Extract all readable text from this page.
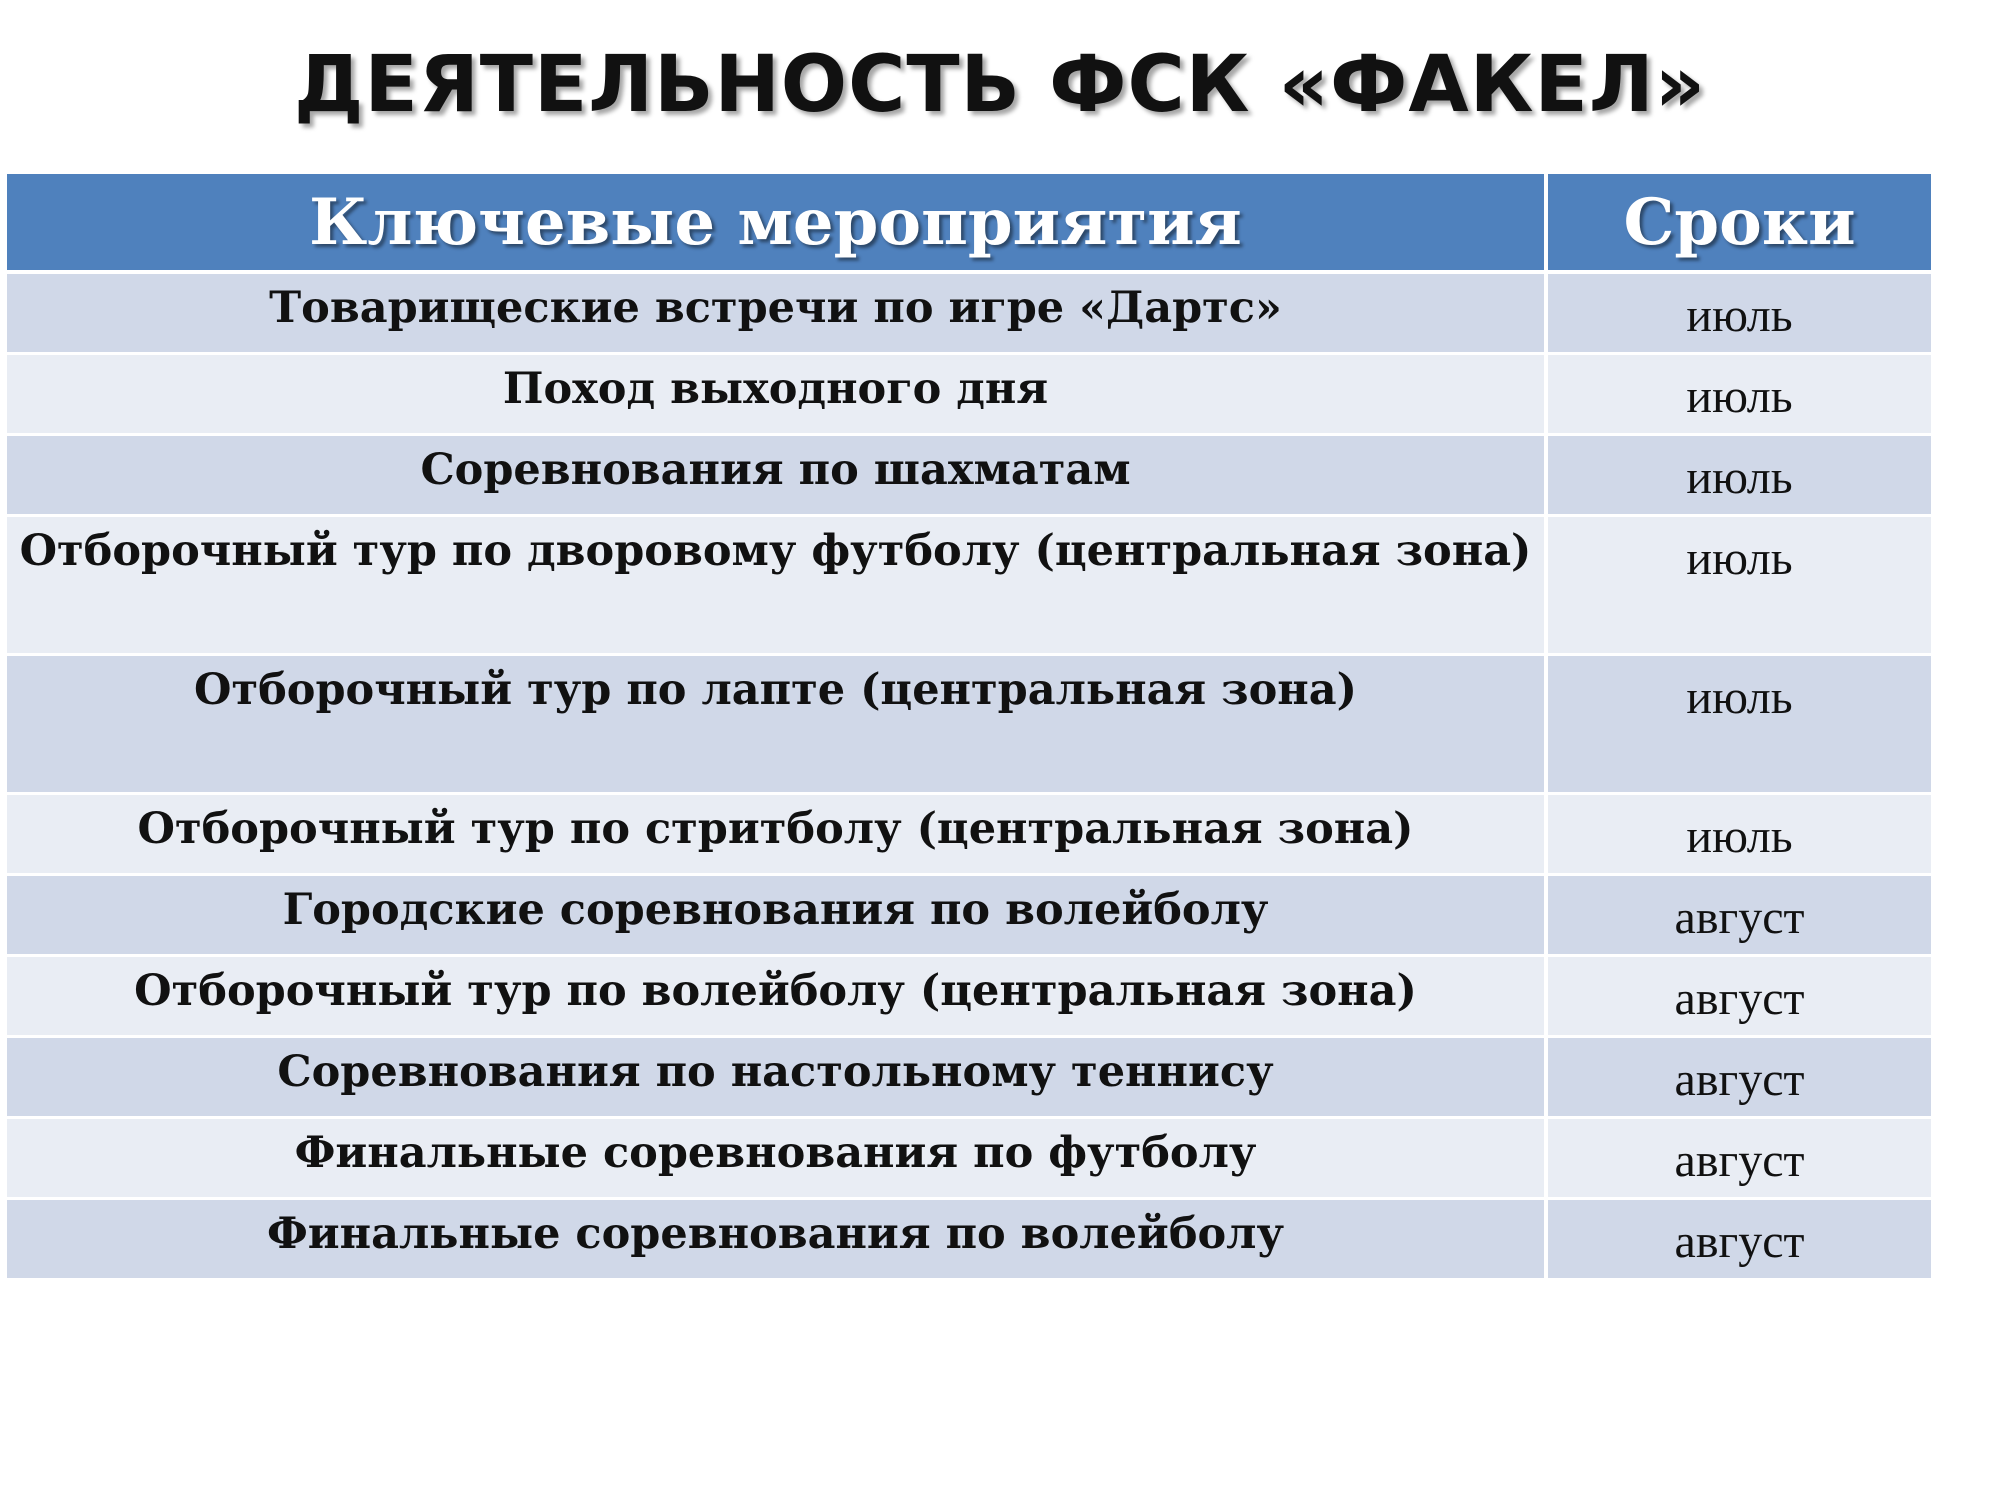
ДЕЯТЕЛЬНОСТЬ ФСК «ФАКЕЛ»
Ключевые мероприятия	Сроки
Товарищеские встречи по игре «Дартс»	июль
Поход выходного дня	июль
Соревнования по шахматам	июль
Отборочный тур по дворовому футболу (центральная зона)	июль
Отборочный тур по лапте (центральная зона)	июль
Отборочный тур по стритболу (центральная зона)	июль
Городские соревнования по волейболу	август
Отборочный тур по волейболу (центральная зона)	август
Соревнования по настольному теннису	август
Финальные соревнования по футболу	август
Финальные соревнования по волейболу	август
